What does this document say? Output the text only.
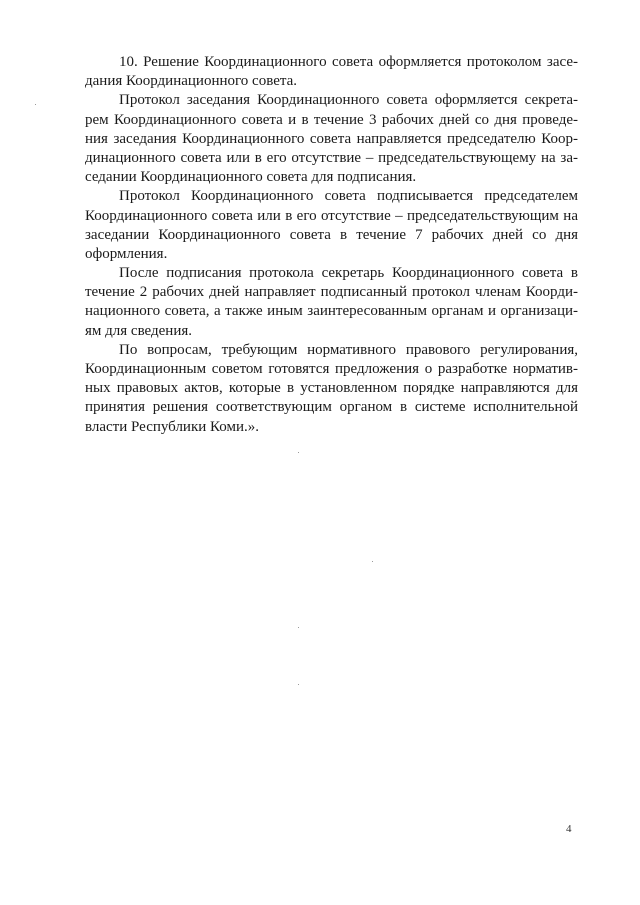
10. Решение Координационного совета оформляется протоколом засе-
дания Координационного совета.
Протокол заседания Координационного совета оформляется секрета-
рем Координационного совета и в течение 3 рабочих дней со дня проведе-
ния заседания Координационного совета направляется председателю Коор-
динационного совета или в его отсутствие – председательствующему на за-
седании Координационного совета для подписания.
Протокол Координационного совета подписывается председателем
Координационного совета или в его отсутствие – председательствующим на
заседании Координационного совета в течение 7 рабочих дней со дня
оформления.
После подписания протокола секретарь Координационного совета в
течение 2 рабочих дней направляет подписанный протокол членам Коорди-
национного совета, а также иным заинтересованным органам и организаци-
ям для сведения.
По вопросам, требующим нормативного правового регулирования,
Координационным советом готовятся предложения о разработке норматив-
ных правовых актов, которые в установленном порядке направляются для
принятия решения соответствующим органом в системе исполнительной
власти Республики Коми.».
4
